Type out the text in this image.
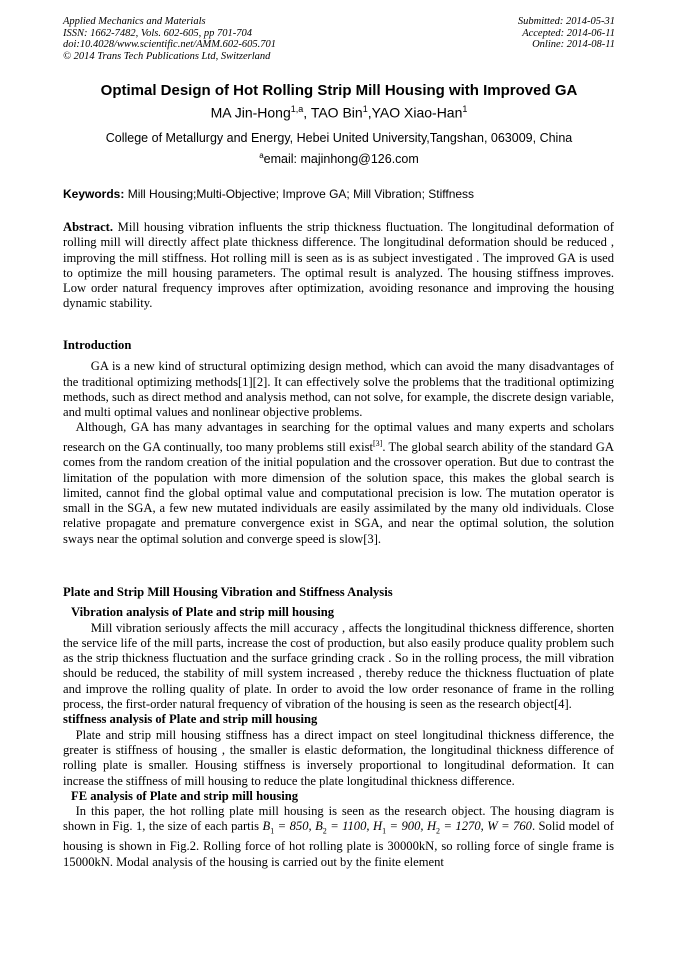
Applied Mechanics and Materials
ISSN: 1662-7482, Vols. 602-605, pp 701-704
doi:10.4028/www.scientific.net/AMM.602-605.701
© 2014 Trans Tech Publications Ltd, Switzerland
Submitted: 2014-05-31
Accepted: 2014-06-11
Online: 2014-08-11
Optimal Design of Hot Rolling Strip Mill Housing with Improved GA
MA Jin-Hong$^{1,a}$, TAO Bin$^1$,YAO Xiao-Han$^1$
College of Metallurgy and Energy, Hebei United University,Tangshan, 063009, China
$^a$email: majinhong@126.com
Keywords: Mill Housing;Multi-Objective; Improve GA; Mill Vibration; Stiffness
Abstract. Mill housing vibration influents the strip thickness fluctuation. The longitudinal deformation of rolling mill will directly affect plate thickness difference. The longitudinal deformation should be reduced , improving the mill stiffness. Hot rolling mill is seen as is as subject investigated . The improved GA is used to optimize the mill housing parameters. The optimal result is analyzed. The housing stiffness improves. Low order natural frequency improves after optimization, avoiding resonance and improving the housing dynamic stability.
Introduction
GA is a new kind of structural optimizing design method, which can avoid the many disadvantages of the traditional optimizing methods[1][2]. It can effectively solve the problems that the traditional optimizing methods, such as direct method and analysis method, can not solve, for example, the discrete design variable, and multi optimal values and nonlinear objective problems.
Although, GA has many advantages in searching for the optimal values and many experts and scholars research on the GA continually, too many problems still exist[3]. The global search ability of the standard GA comes from the random creation of the initial population and the crossover operation. But due to contrast the limitation of the population with more dimension of the solution space, this makes the global search is limited, cannot find the global optimal value and computational precision is low. The mutation operator is small in the SGA, a few new mutated individuals are easily assimilated by the many old individuals. Close relative propagate and premature convergence exist in SGA, and near the optimal solution, the solution sways near the optimal solution and converge speed is slow[3].
Plate and Strip Mill Housing Vibration and Stiffness Analysis
Vibration analysis of Plate and strip mill housing
Mill vibration seriously affects the mill accuracy , affects the longitudinal thickness difference, shorten the service life of the mill parts, increase the cost of production, but also easily produce quality problem such as the strip thickness fluctuation and the surface grinding crack . So in the rolling process, the mill vibration should be reduced, the stability of mill system increased , thereby reduce the thickness fluctuation of plate and improve the rolling quality of plate. In order to avoid the low order resonance of frame in the rolling process, the first-order natural frequency of vibration of the housing is seen as the research object[4].
stiffness analysis of Plate and strip mill housing
Plate and strip mill housing stiffness has a direct impact on steel longitudinal thickness difference, the greater is stiffness of housing , the smaller is elastic deformation, the longitudinal thickness difference of rolling plate is smaller. Housing stiffness is inversely proportional to longitudinal deformation. It can increase the stiffness of mill housing to reduce the plate longitudinal thickness difference.
FE analysis of Plate and strip mill housing
In this paper, the hot rolling plate mill housing is seen as the research object. The housing diagram is shown in Fig. 1, the size of each partis $B_1 = 850$, $B_2 = 1100$, $H_1 = 900$, $H_2 = 1270$, W = 760. Solid model of housing is shown in Fig.2. Rolling force of hot rolling plate is 30000kN, so rolling force of single frame is 15000kN. Modal analysis of the housing is carried out by the finite element
